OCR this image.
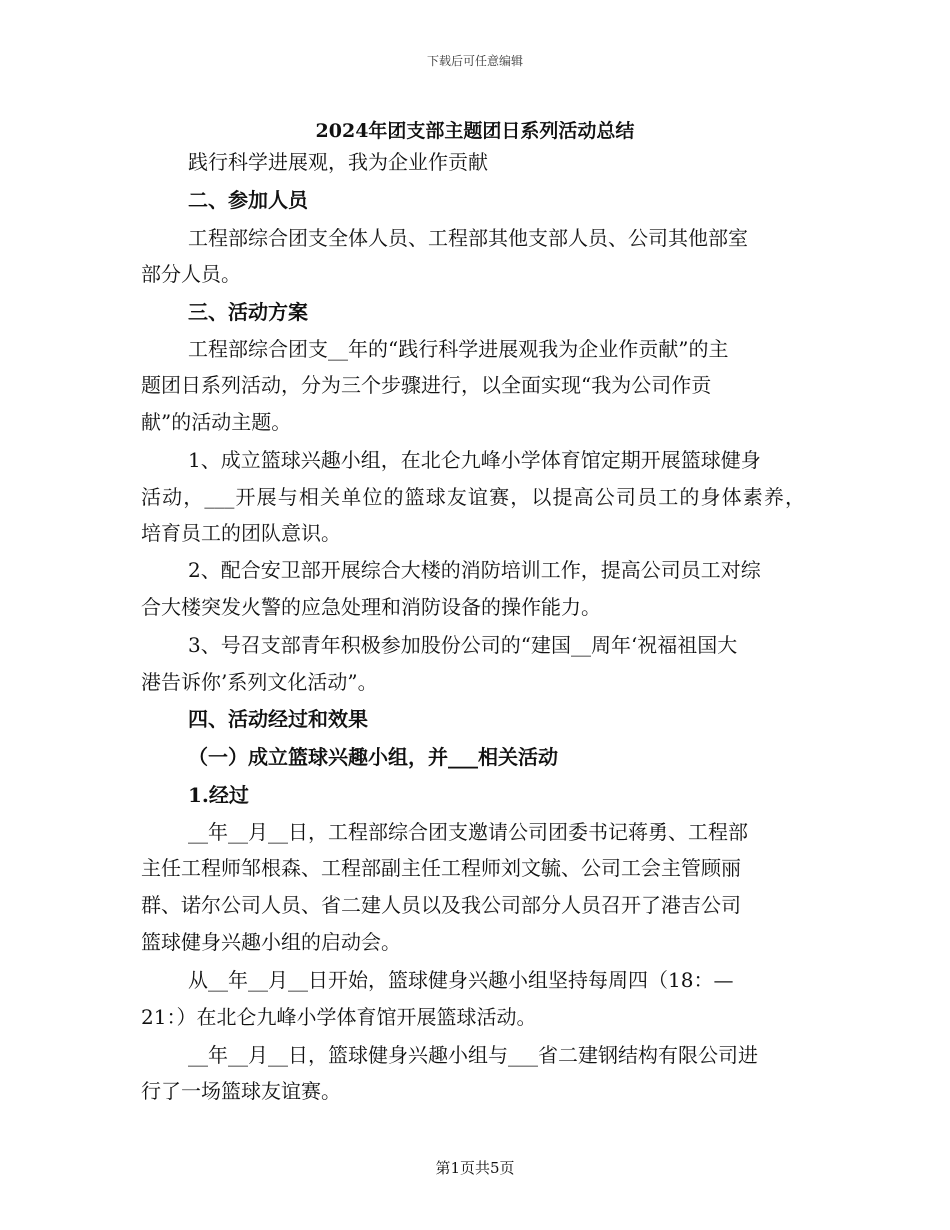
下载后可任意编辑
2024年团支部主题团日系列活动总结
践行科学进展观，我为企业作贡献
二、参加人员
工程部综合团支全体人员、工程部其他支部人员、公司其他部室
部分人员。
三、活动方案
工程部综合团支__年的“践行科学进展观我为企业作贡献”的主
题团日系列活动，分为三个步骤进行，以全面实现“我为公司作贡
献”的活动主题。
1、成立篮球兴趣小组，在北仑九峰小学体育馆定期开展篮球健身
活动，___开展与相关单位的篮球友谊赛，以提高公司员工的身体素养，
培育员工的团队意识。
2、配合安卫部开展综合大楼的消防培训工作，提高公司员工对综
合大楼突发火警的应急处理和消防设备的操作能力。
3、号召支部青年积极参加股份公司的“建国__周年‘祝福祖国大
港告诉你’系列文化活动”。
四、活动经过和效果
（一）成立篮球兴趣小组，并___相关活动
1.经过
__年__月__日，工程部综合团支邀请公司团委书记蒋勇、工程部
主任工程师邹根森、工程部副主任工程师刘文毓、公司工会主管顾丽
群、诺尔公司人员、省二建人员以及我公司部分人员召开了港吉公司
篮球健身兴趣小组的启动会。
从__年__月__日开始，篮球健身兴趣小组坚持每周四（18：—
21：）在北仑九峰小学体育馆开展篮球活动。
__年__月__日，篮球健身兴趣小组与___省二建钢结构有限公司进
行了一场篮球友谊赛。
第1页共5页
